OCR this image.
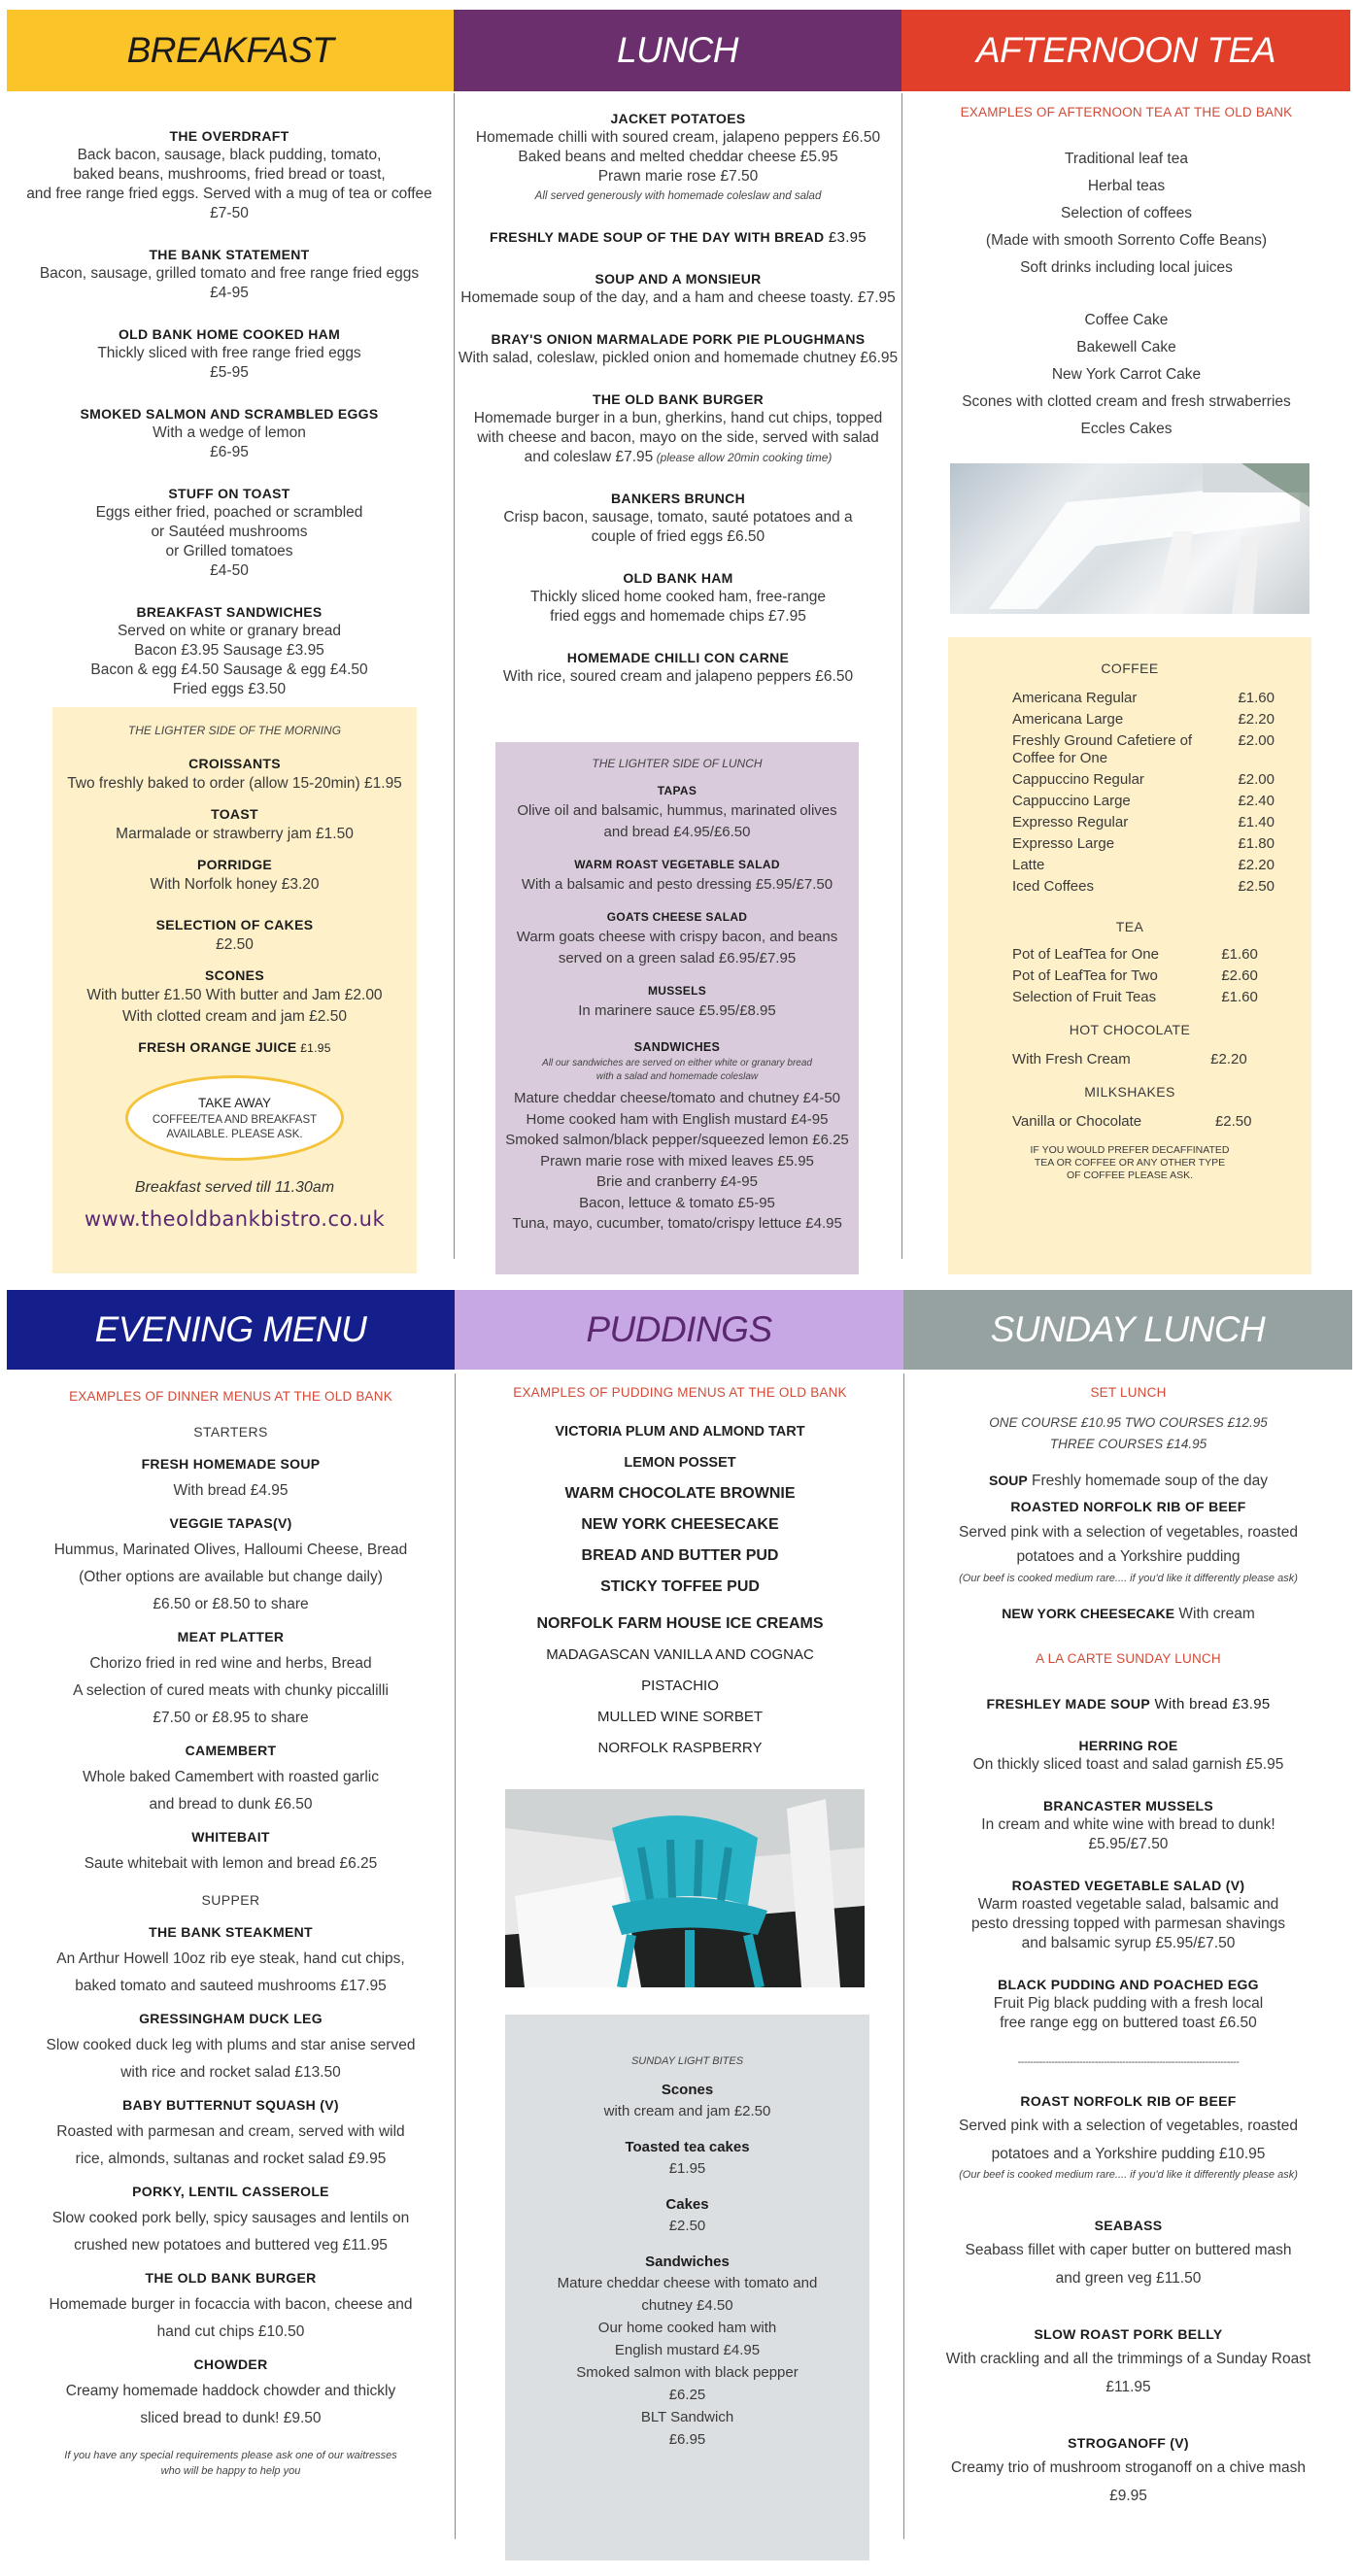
BREAKFAST	LUNCH	AFTERNOON TEA
EVENING MENU	PUDDINGS	SUNDAY LUNCH
THE OVERDRAFT
Back bacon, sausage, black pudding, tomato,
baked beans, mushrooms, fried bread or toast,
and free range fried eggs. Served with a mug of tea or coffee
£7-50
THE BANK STATEMENT
Bacon, sausage, grilled tomato and free range fried eggs
£4-95
OLD BANK HOME COOKED HAM
Thickly sliced with free range fried eggs
£5-95
SMOKED SALMON AND SCRAMBLED EGGS
With a wedge of lemon
£6-95
STUFF ON TOAST
Eggs either fried, poached or scrambled
or Sautéed mushrooms
or Grilled tomatoes
£4-50
BREAKFAST SANDWICHES
Served on white or granary bread
Bacon £3.95 Sausage £3.95
Bacon & egg £4.50 Sausage & egg £4.50
Fried eggs £3.50
THE LIGHTER SIDE OF THE MORNING
CROISSANTS
Two freshly baked to order (allow 15-20min) £1.95
TOAST
Marmalade or strawberry jam £1.50
PORRIDGE
With Norfolk honey £3.20
SELECTION OF CAKES
£2.50
SCONES
With butter £1.50 With butter and Jam £2.00
With clotted cream and jam £2.50
FRESH ORANGE JUICE £1.95
TAKE AWAY
COFFEE/TEA AND BREAKFAST
AVAILABLE. PLEASE ASK.
Breakfast served till 11.30am
www.theoldbankbistro.co.uk
JACKET POTATOES
Homemade chilli with soured cream, jalapeno peppers £6.50
Baked beans and melted cheddar cheese £5.95
Prawn marie rose £7.50
All served generously with homemade coleslaw and salad
FRESHLY MADE SOUP OF THE DAY WITH BREAD £3.95
SOUP AND A MONSIEUR
Homemade soup of the day, and a ham and cheese toasty. £7.95
BRAY'S ONION MARMALADE PORK PIE PLOUGHMANS
With salad, coleslaw, pickled onion and homemade chutney £6.95
THE OLD BANK BURGER
Homemade burger in a bun, gherkins, hand cut chips, topped
with cheese and bacon, mayo on the side, served with salad
and coleslaw £7.95 (please allow 20min cooking time)
BANKERS BRUNCH
Crisp bacon, sausage, tomato, sauté potatoes and a
couple of fried eggs £6.50
OLD BANK HAM
Thickly sliced home cooked ham, free-range
fried eggs and homemade chips £7.95
HOMEMADE CHILLI CON CARNE
With rice, soured cream and jalapeno peppers £6.50
THE LIGHTER SIDE OF LUNCH
TAPAS
Olive oil and balsamic, hummus, marinated olives
and bread £4.95/£6.50
WARM ROAST VEGETABLE SALAD
With a balsamic and pesto dressing £5.95/£7.50
GOATS CHEESE SALAD
Warm goats cheese with crispy bacon, and beans
served on a green salad £6.95/£7.95
MUSSELS
In marinere sauce £5.95/£8.95
SANDWICHES
All our sandwiches are served on either white or granary bread
with a salad and homemade coleslaw
Mature cheddar cheese/tomato and chutney £4-50
Home cooked ham with English mustard £4-95
Smoked salmon/black pepper/squeezed lemon £6.25
Prawn marie rose with mixed leaves £5.95
Brie and cranberry £4-95
Bacon, lettuce & tomato £5-95
Tuna, mayo, cucumber, tomato/crispy lettuce £4.95
EXAMPLES OF AFTERNOON TEA AT THE OLD BANK
Traditional leaf tea
Herbal teas
Selection of coffees
(Made with smooth Sorrento Coffe Beans)
Soft drinks including local juices
Coffee Cake
Bakewell Cake
New York Carrot Cake
Scones with clotted cream and fresh strwaberries
Eccles Cakes
COFFEE
Americana Regular	£1.60
Americana Large	£2.20
Freshly Ground Cafetiere of Coffee for One	£2.00
Cappuccino Regular	£2.00
Cappuccino Large	£2.40
Expresso Regular	£1.40
Expresso Large	£1.80
Latte	£2.20
Iced Coffees	£2.50
TEA
Pot of LeafTea for One	£1.60
Pot of LeafTea for Two	£2.60
Selection of Fruit Teas	£1.60
HOT CHOCOLATE
With Fresh Cream	£2.20
MILKSHAKES
Vanilla or Chocolate	£2.50
IF YOU WOULD PREFER DECAFFINATED
TEA OR COFFEE OR ANY OTHER TYPE
OF COFFEE PLEASE ASK.
EXAMPLES OF DINNER MENUS AT THE OLD BANK
STARTERS
FRESH HOMEMADE SOUP
With bread £4.95
VEGGIE TAPAS(V)
Hummus, Marinated Olives, Halloumi Cheese, Bread
(Other options are available but change daily)
£6.50 or £8.50 to share
MEAT PLATTER
Chorizo fried in red wine and herbs, Bread
A selection of cured meats with chunky piccalilli
£7.50 or £8.95 to share
CAMEMBERT
Whole baked Camembert with roasted garlic
and bread to dunk £6.50
WHITEBAIT
Saute whitebait with lemon and bread £6.25
SUPPER
THE BANK STEAKMENT
An Arthur Howell 10oz rib eye steak, hand cut chips,
baked tomato and sauteed mushrooms £17.95
GRESSINGHAM DUCK LEG
Slow cooked duck leg with plums and star anise served
with rice and rocket salad £13.50
BABY BUTTERNUT SQUASH (V)
Roasted with parmesan and cream, served with wild
rice, almonds, sultanas and rocket salad £9.95
PORKY, LENTIL CASSEROLE
Slow cooked pork belly, spicy sausages and lentils on
crushed new potatoes and buttered veg £11.95
THE OLD BANK BURGER
Homemade burger in focaccia with bacon, cheese and
hand cut chips £10.50
CHOWDER
Creamy homemade haddock chowder and thickly
sliced bread to dunk! £9.50
If you have any special requirements please ask one of our waitresses
who will be happy to help you
EXAMPLES OF PUDDING MENUS AT THE OLD BANK
VICTORIA PLUM AND ALMOND TART
LEMON POSSET
WARM CHOCOLATE BROWNIE
NEW YORK CHEESECAKE
BREAD AND BUTTER PUD
STICKY TOFFEE PUD
NORFOLK FARM HOUSE ICE CREAMS
MADAGASCAN VANILLA AND COGNAC
PISTACHIO
MULLED WINE SORBET
NORFOLK RASPBERRY
SUNDAY LIGHT BITES
Scones
with cream and jam £2.50
Toasted tea cakes
£1.95
Cakes
£2.50
Sandwiches
Mature cheddar cheese with tomato and
chutney £4.50
Our home cooked ham with
English mustard £4.95
Smoked salmon with black pepper
£6.25
BLT Sandwich
£6.95
SET LUNCH
ONE COURSE £10.95 TWO COURSES £12.95
THREE COURSES £14.95
SOUP Freshly homemade soup of the day
ROASTED NORFOLK RIB OF BEEF
Served pink with a selection of vegetables, roasted
potatoes and a Yorkshire pudding
(Our beef is cooked medium rare.... if you'd like it differently please ask)
NEW YORK CHEESECAKE With cream
A LA CARTE SUNDAY LUNCH
FRESHLEY MADE SOUP With bread £3.95
HERRING ROE
On thickly sliced toast and salad garnish £5.95
BRANCASTER MUSSELS
In cream and white wine with bread to dunk!
£5.95/£7.50
ROASTED VEGETABLE SALAD (V)
Warm roasted vegetable salad, balsamic and
pesto dressing topped with parmesan shavings
and balsamic syrup £5.95/£7.50
BLACK PUDDING AND POACHED EGG
Fruit Pig black pudding with a fresh local
free range egg on buttered toast £6.50
------------------------------------------------------------------------
ROAST NORFOLK RIB OF BEEF
Served pink with a selection of vegetables, roasted
potatoes and a Yorkshire pudding £10.95
(Our beef is cooked medium rare.... if you'd like it differently please ask)
SEABASS
Seabass fillet with caper butter on buttered mash
and green veg £11.50
SLOW ROAST PORK BELLY
With crackling and all the trimmings of a Sunday Roast
£11.95
STROGANOFF (V)
Creamy trio of mushroom stroganoff on a chive mash
£9.95
